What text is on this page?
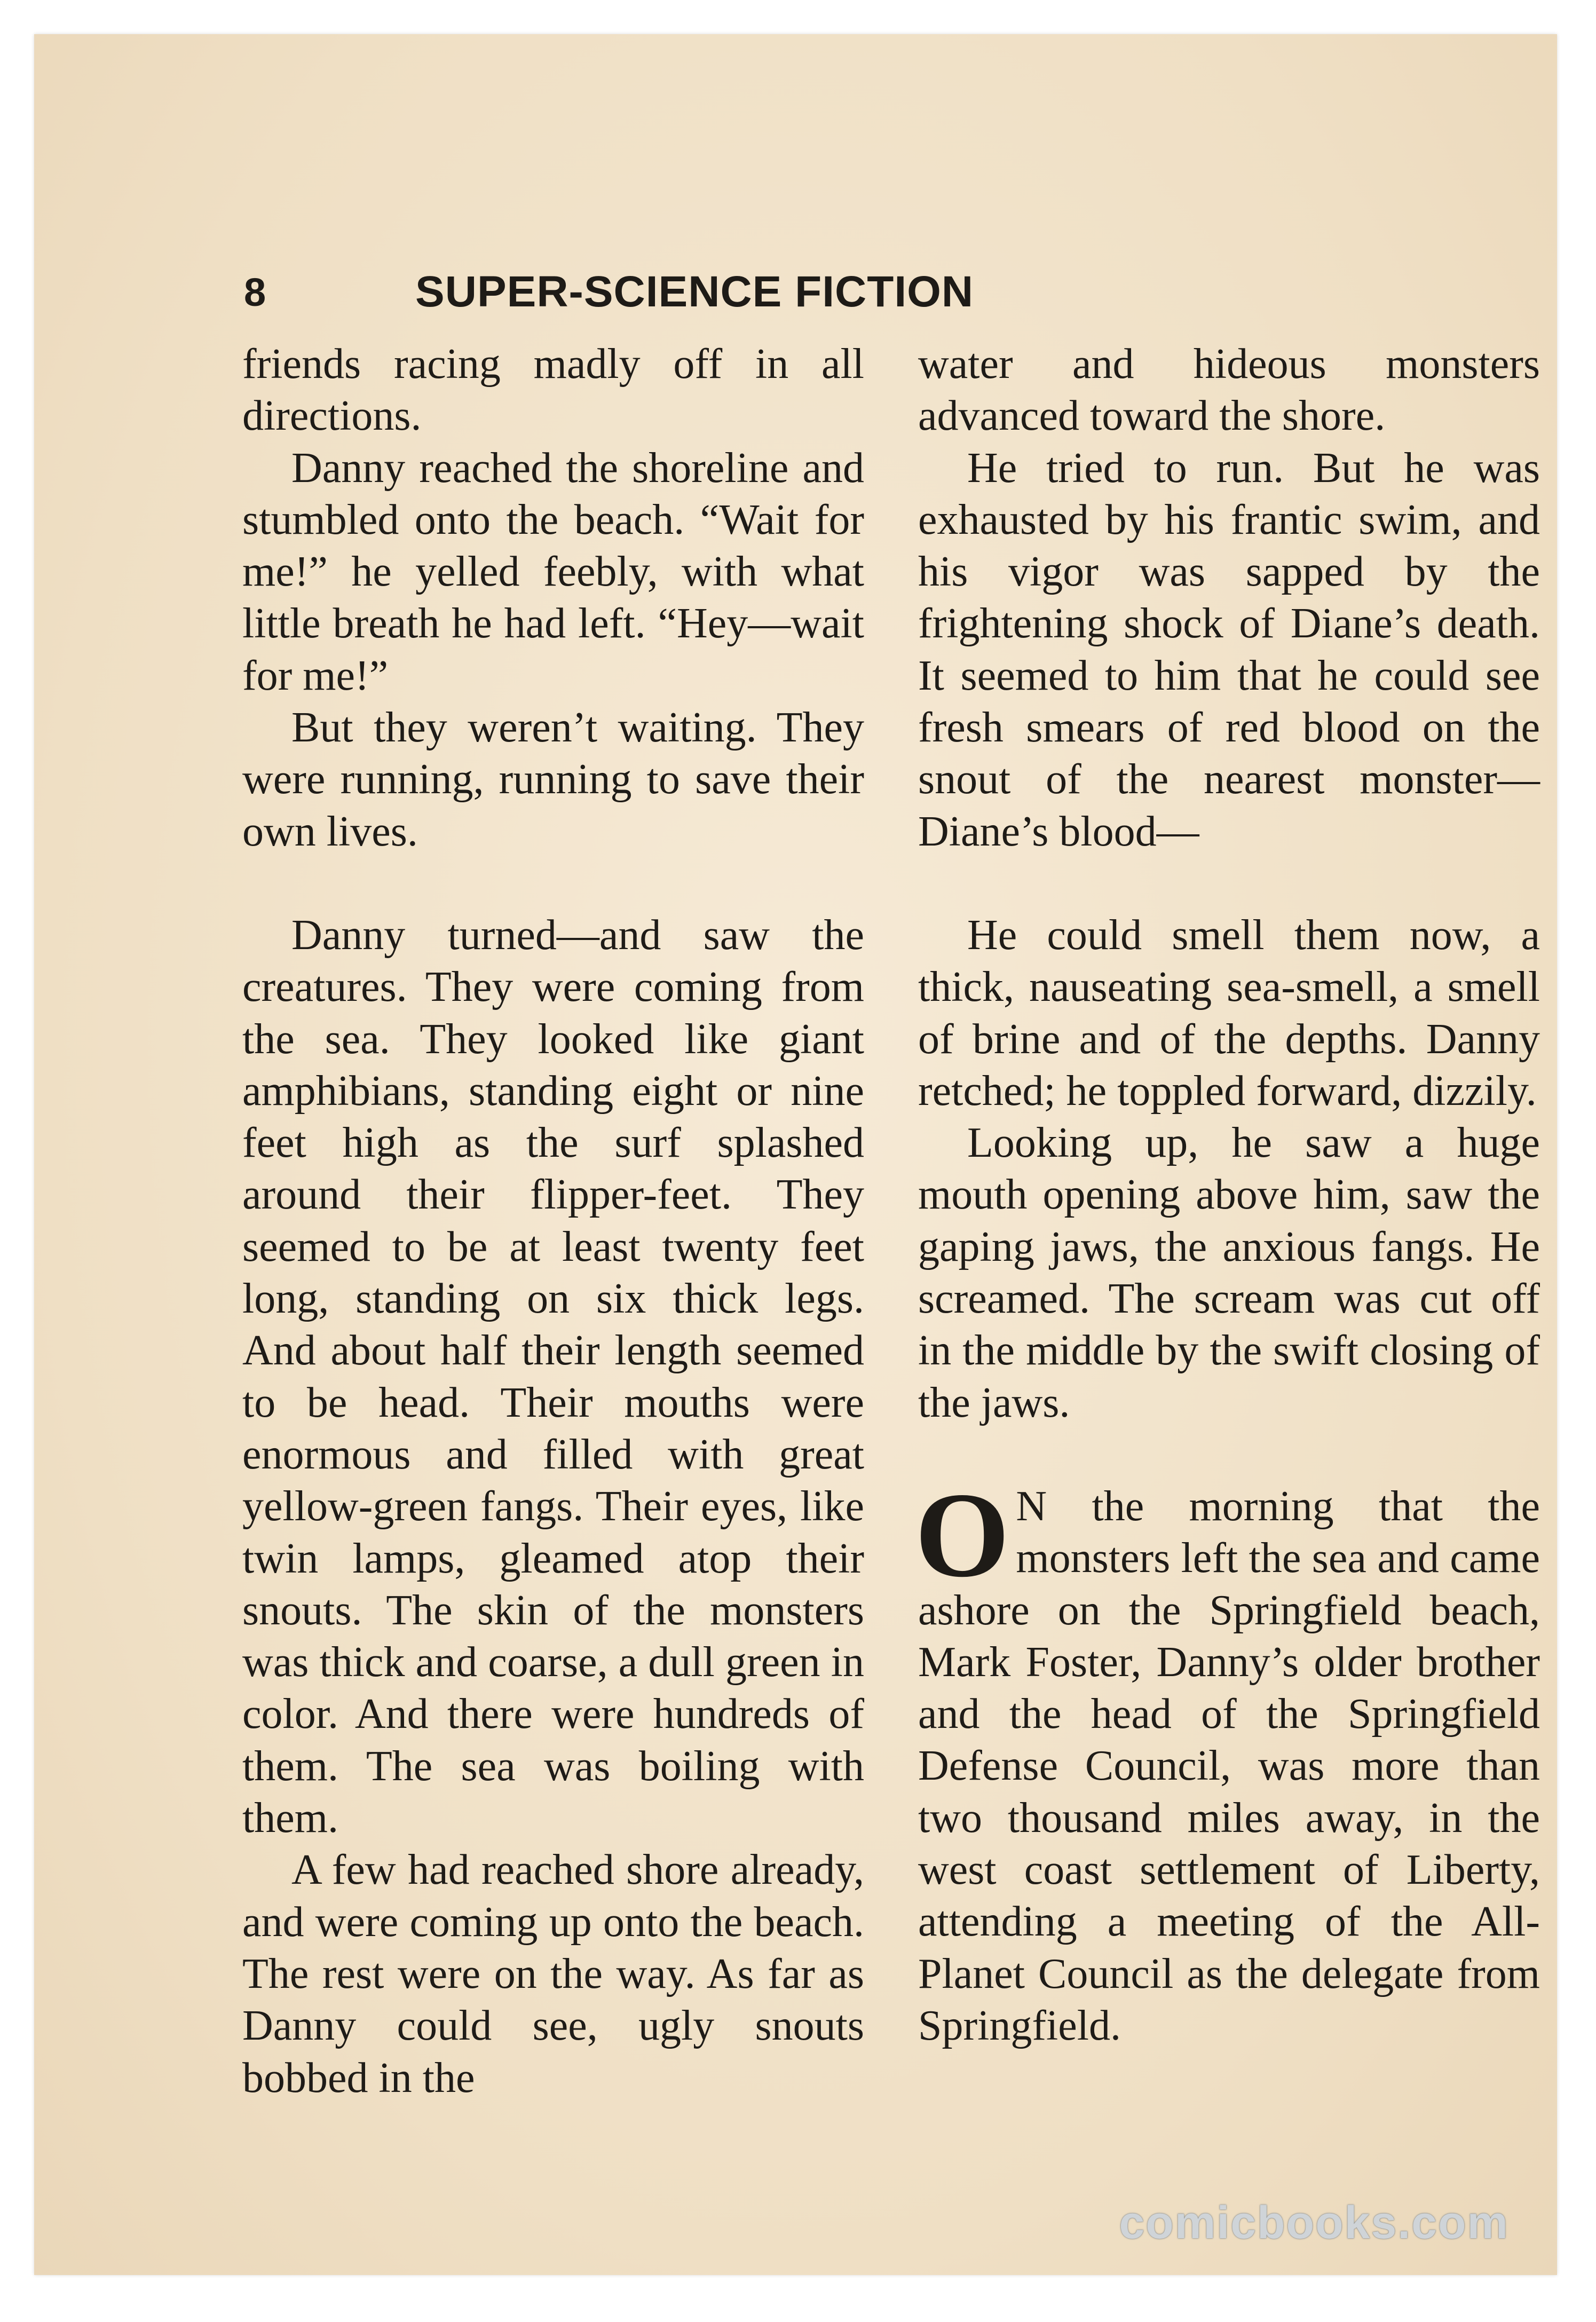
8	SUPER-SCIENCE FICTION

friends racing madly off in all directions.

Danny reached the shoreline and stumbled onto the beach. “Wait for me!” he yelled feebly, with what little breath he had left. “Hey—wait for me!”

But they weren’t waiting. They were running, running to save their own lives.

Danny turned—and saw the creatures. They were coming from the sea. They looked like giant amphibians, standing eight or nine feet high as the surf splashed around their flipper-feet. They seemed to be at least twenty feet long, standing on six thick legs. And about half their length seemed to be head. Their mouths were enormous and filled with great yellow-green fangs. Their eyes, like twin lamps, gleamed atop their snouts. The skin of the monsters was thick and coarse, a dull green in color. And there were hundreds of them. The sea was boiling with them.

A few had reached shore already, and were coming up onto the beach. The rest were on the way. As far as Danny could see, ugly snouts bobbed in the

water and hideous monsters advanced toward the shore.

He tried to run. But he was exhausted by his frantic swim, and his vigor was sapped by the frightening shock of Diane’s death. It seemed to him that he could see fresh smears of red blood on the snout of the nearest monster—Diane’s blood—

He could smell them now, a thick, nauseating sea-smell, a smell of brine and of the depths. Danny retched; he toppled forward, dizzily.

Looking up, he saw a huge mouth opening above him, saw the gaping jaws, the anxious fangs. He screamed. The scream was cut off in the middle by the swift closing of the jaws.

O N the morning that the monsters left the sea and came ashore on the Springfield beach, Mark Foster, Danny’s older brother and the head of the Springfield Defense Council, was more than two thousand miles away, in the west coast settlement of Liberty, attending a meeting of the All-Planet Council as the delegate from Springfield.

comicbooks.com
